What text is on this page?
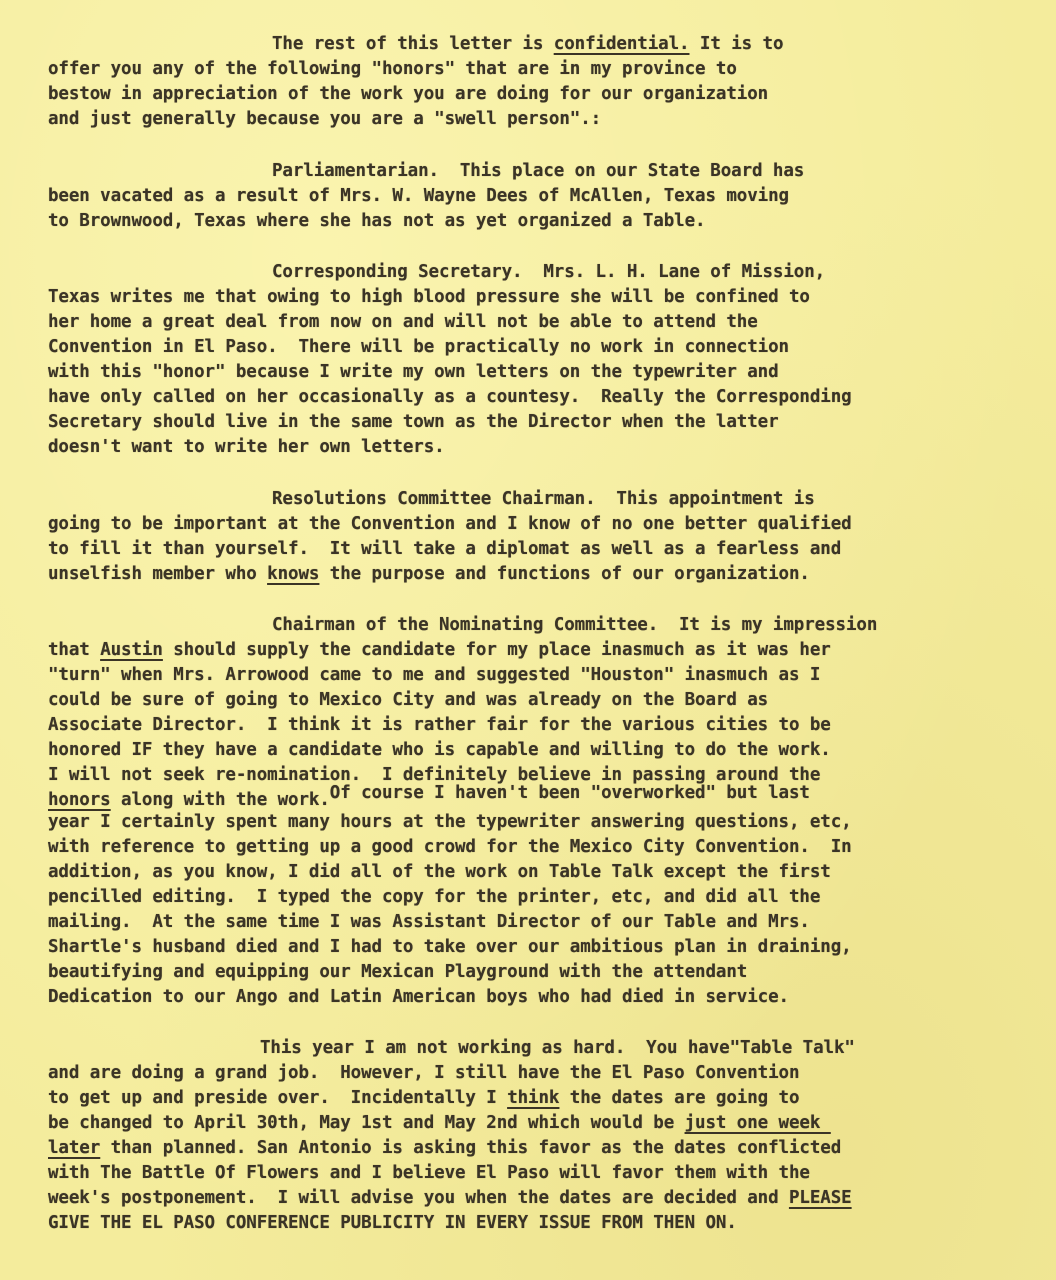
The rest of this letter is confidential. It is to
offer you any of the following "honors" that are in my province to
bestow in appreciation of the work you are doing for our organization
and just generally because you are a "swell person".:
Parliamentarian.  This place on our State Board has
been vacated as a result of Mrs. W. Wayne Dees of McAllen, Texas moving
to Brownwood, Texas where she has not as yet organized a Table.
Corresponding Secretary.  Mrs. L. H. Lane of Mission,
Texas writes me that owing to high blood pressure she will be confined to
her home a great deal from now on and will not be able to attend the
Convention in El Paso.  There will be practically no work in connection
with this "honor" because I write my own letters on the typewriter and
have only called on her occasionally as a countesy.  Really the Corresponding
Secretary should live in the same town as the Director when the latter
doesn't want to write her own letters.
Resolutions Committee Chairman.  This appointment is
going to be important at the Convention and I know of no one better qualified
to fill it than yourself.  It will take a diplomat as well as a fearless and
unselfish member who knows the purpose and functions of our organization.
Chairman of the Nominating Committee.  It is my impression
that Austin should supply the candidate for my place inasmuch as it was her
"turn" when Mrs. Arrowood came to me and suggested "Houston" inasmuch as I
could be sure of going to Mexico City and was already on the Board as
Associate Director.  I think it is rather fair for the various cities to be
honored IF they have a candidate who is capable and willing to do the work.
I will not seek re-nomination.  I definitely believe in passing around the
honors along with the work.Of course I haven't been "overworked" but last
year I certainly spent many hours at the typewriter answering questions, etc,
with reference to getting up a good crowd for the Mexico City Convention.  In
addition, as you know, I did all of the work on Table Talk except the first
pencilled editing.  I typed the copy for the printer, etc, and did all the
mailing.  At the same time I was Assistant Director of our Table and Mrs.
Shartle's husband died and I had to take over our ambitious plan in draining,
beautifying and equipping our Mexican Playground with the attendant
Dedication to our Ango and Latin American boys who had died in service.
This year I am not working as hard.  You have"Table Talk"
and are doing a grand job.  However, I still have the El Paso Convention
to get up and preside over.  Incidentally I think the dates are going to
be changed to April 30th, May 1st and May 2nd which would be just one week
later than planned. San Antonio is asking this favor as the dates conflicted
with The Battle Of Flowers and I believe El Paso will favor them with the
week's postponement.  I will advise you when the dates are decided and PLEASE
GIVE THE EL PASO CONFERENCE PUBLICITY IN EVERY ISSUE FROM THEN ON.
